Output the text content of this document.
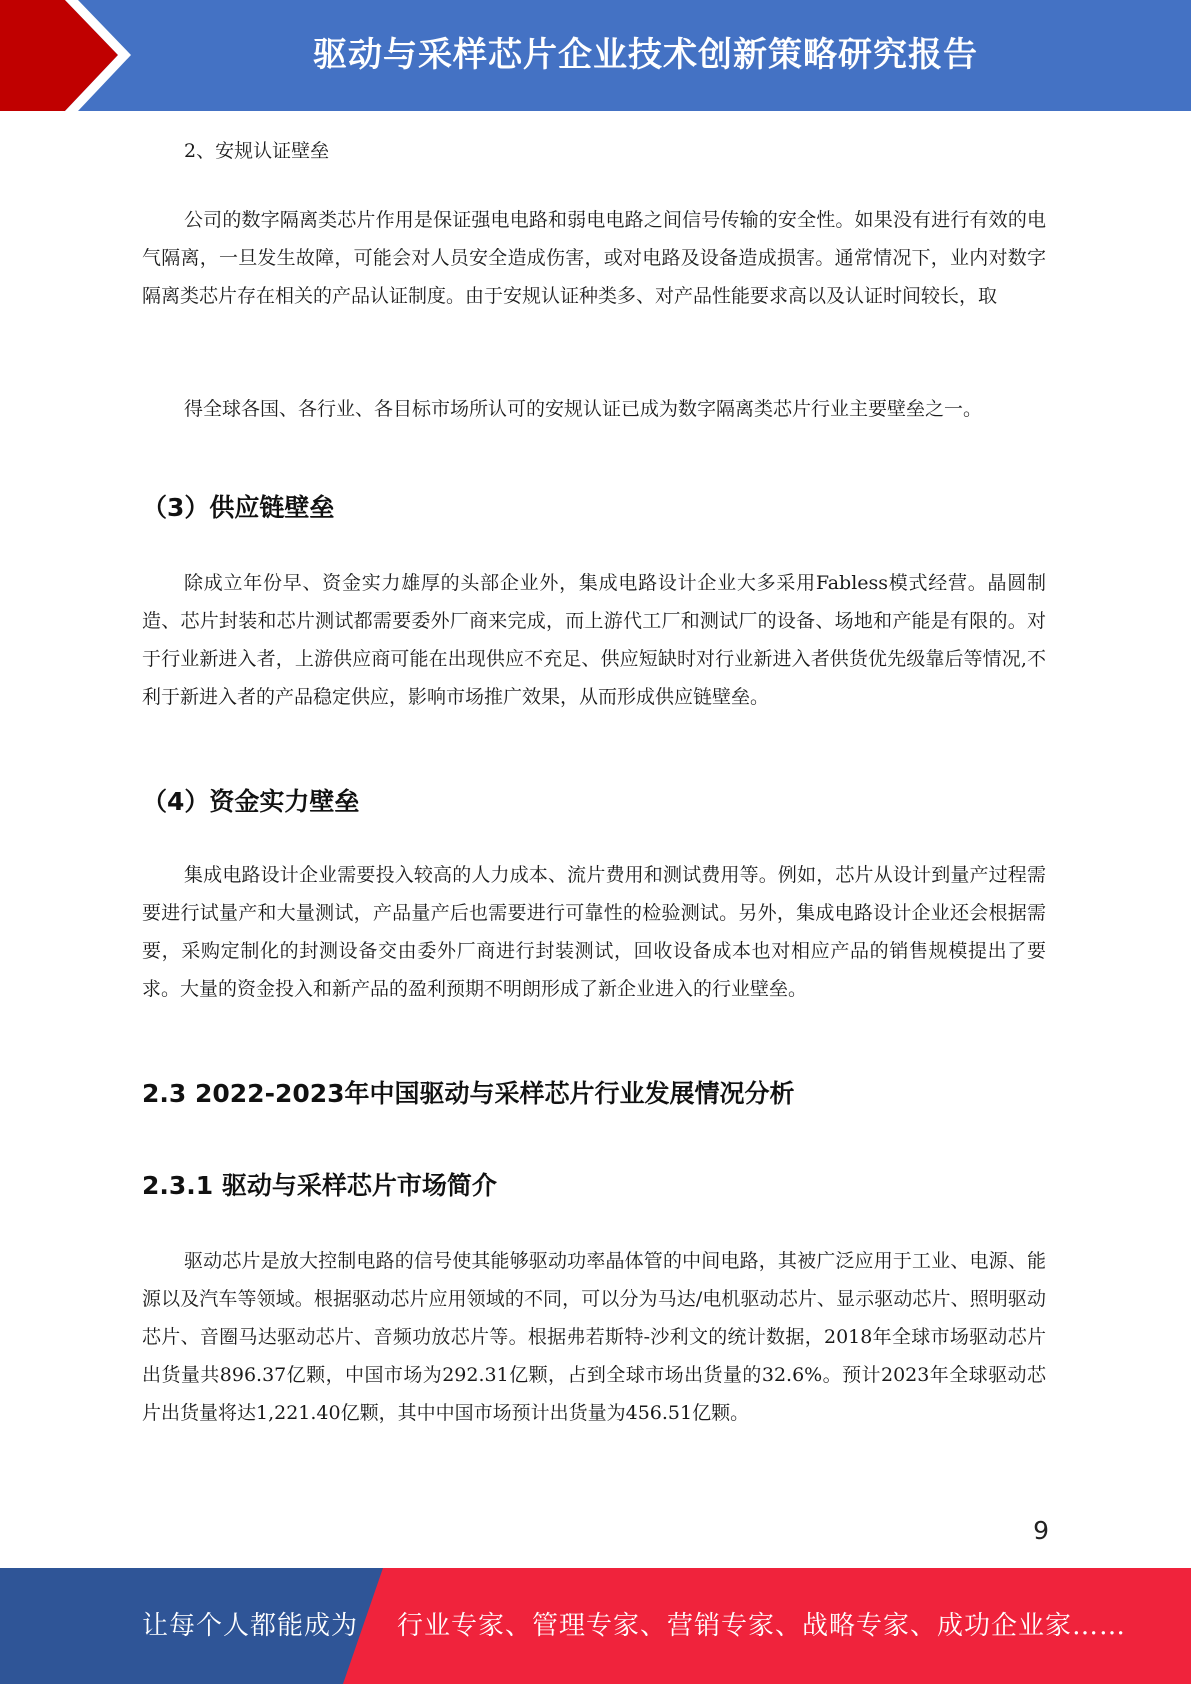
驱动与采样芯片企业技术创新策略研究报告

2、安规认证壁垒

公司的数字隔离类芯片作用是保证强电电路和弱电电路之间信号传输的安全性。如果没有进行有效的电气隔离，一旦发生故障，可能会对人员安全造成伤害，或对电路及设备造成损害。通常情况下，业内对数字隔离类芯片存在相关的产品认证制度。由于安规认证种类多、对产品性能要求高以及认证时间较长，取

得全球各国、各行业、各目标市场所认可的安规认证已成为数字隔离类芯片行业主要壁垒之一。

（3）供应链壁垒

除成立年份早、资金实力雄厚的头部企业外，集成电路设计企业大多采用Fabless模式经营。晶圆制造、芯片封装和芯片测试都需要委外厂商来完成，而上游代工厂和测试厂的设备、场地和产能是有限的。对于行业新进入者，上游供应商可能在出现供应不充足、供应短缺时对行业新进入者供货优先级靠后等情况,不利于新进入者的产品稳定供应，影响市场推广效果，从而形成供应链壁垒。

（4）资金实力壁垒

集成电路设计企业需要投入较高的人力成本、流片费用和测试费用等。例如，芯片从设计到量产过程需要进行试量产和大量测试，产品量产后也需要进行可靠性的检验测试。另外，集成电路设计企业还会根据需要，采购定制化的封测设备交由委外厂商进行封装测试，回收设备成本也对相应产品的销售规模提出了要求。大量的资金投入和新产品的盈利预期不明朗形成了新企业进入的行业壁垒。

2.3 2022-2023年中国驱动与采样芯片行业发展情况分析
2.3.1 驱动与采样芯片市场简介

驱动芯片是放大控制电路的信号使其能够驱动功率晶体管的中间电路，其被广泛应用于工业、电源、能源以及汽车等领域。根据驱动芯片应用领域的不同，可以分为马达/电机驱动芯片、显示驱动芯片、照明驱动芯片、音圈马达驱动芯片、音频功放芯片等。根据弗若斯特-沙利文的统计数据，2018年全球市场驱动芯片出货量共896.37亿颗，中国市场为292.31亿颗，占到全球市场出货量的32.6%。预计2023年全球驱动芯片出货量将达1,221.40亿颗，其中中国市场预计出货量为456.51亿颗。

9
让每个人都能成为 行业专家、管理专家、营销专家、战略专家、成功企业家……
